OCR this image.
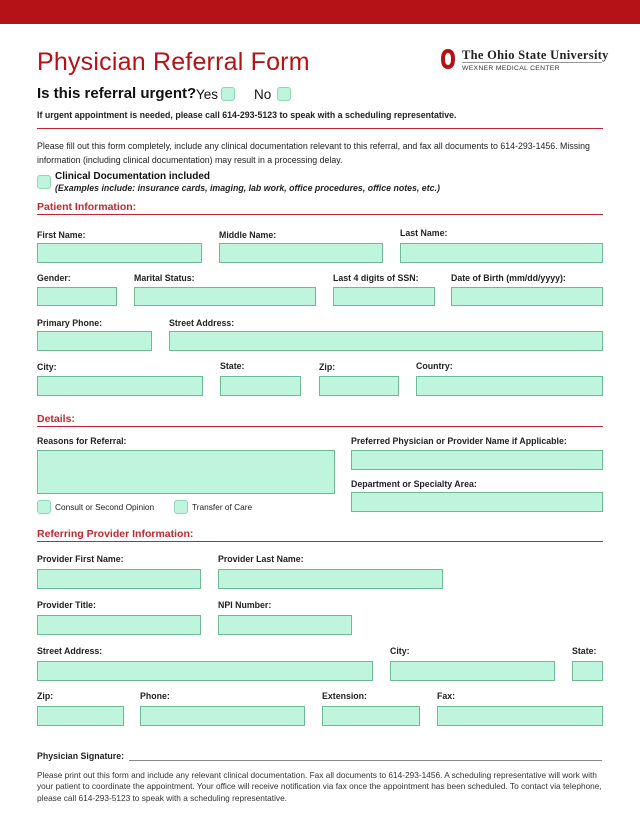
Physician Referral Form	The Ohio State University
WEXNER MEDICAL CENTER
Is this referral urgent? Yes	No
If urgent appointment is needed, please call 614-293-5123 to speak with a scheduling representative.
Please fill out this form completely, include any clinical documentation relevant to this referral, and fax all documents to 614-293-1456. Missing information (including clinical documentation) may result in a processing delay.
Clinical Documentation included
(Examples include: insurance cards, imaging, lab work, office procedures, office notes, etc.)
Patient Information:
First Name:	Middle Name:	Last Name:
Gender:	Marital Status:	Last 4 digits of SSN:	Date of Birth (mm/dd/yyyy):
Primary Phone:	Street Address:
City:	State:	Zip:	Country:
Details:
Reasons for Referral:	Preferred Physician or Provider Name if Applicable:
Department or Specialty Area:
Consult or Second Opinion	Transfer of Care
Referring Provider Information:
Provider First Name:	Provider Last Name:
Provider Title:	NPI Number:
Street Address:	City:	State:
Zip:	Phone:	Extension:	Fax:
Physician Signature:
Please print out this form and include any relevant clinical documentation. Fax all documents to 614-293-1456. A scheduling representative will work with your patient to coordinate the appointment. Your office will receive notification via fax once the appointment has been scheduled. To contact via telephone, please call 614-293-5123 to speak with a scheduling representative.
